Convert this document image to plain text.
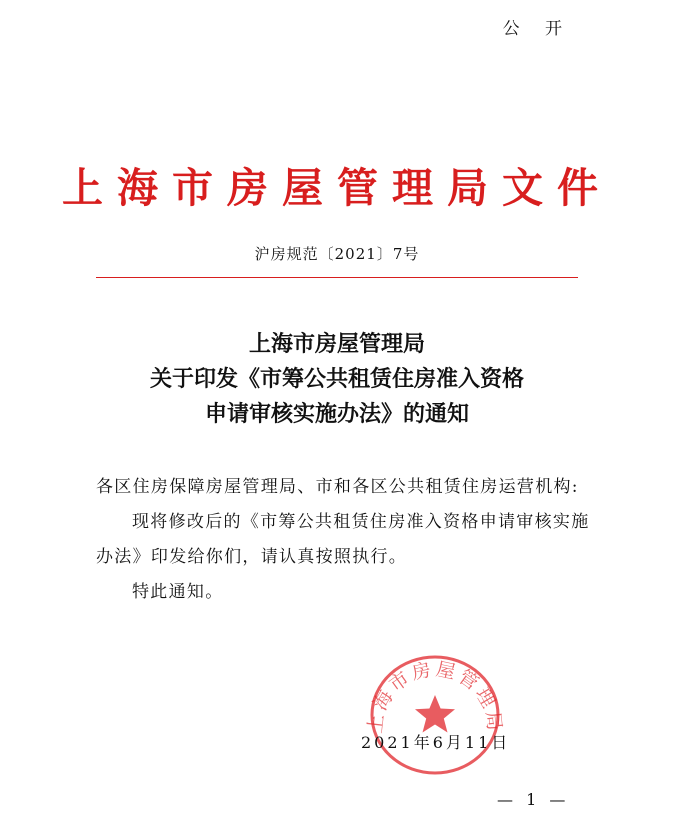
公 开
上海市房屋管理局文件
沪房规范〔2021〕7号
上海市房屋管理局
关于印发《市筹公共租赁住房准入资格
申请审核实施办法》的通知

各区住房保障房屋管理局、市和各区公共租赁住房运营机构:

现将修改后的《市筹公共租赁住房准入资格申请审核实施

办法》印发给你们，请认真按照执行。

特此通知。

上海市房屋管理局
2021年6月11日
— 1 —
